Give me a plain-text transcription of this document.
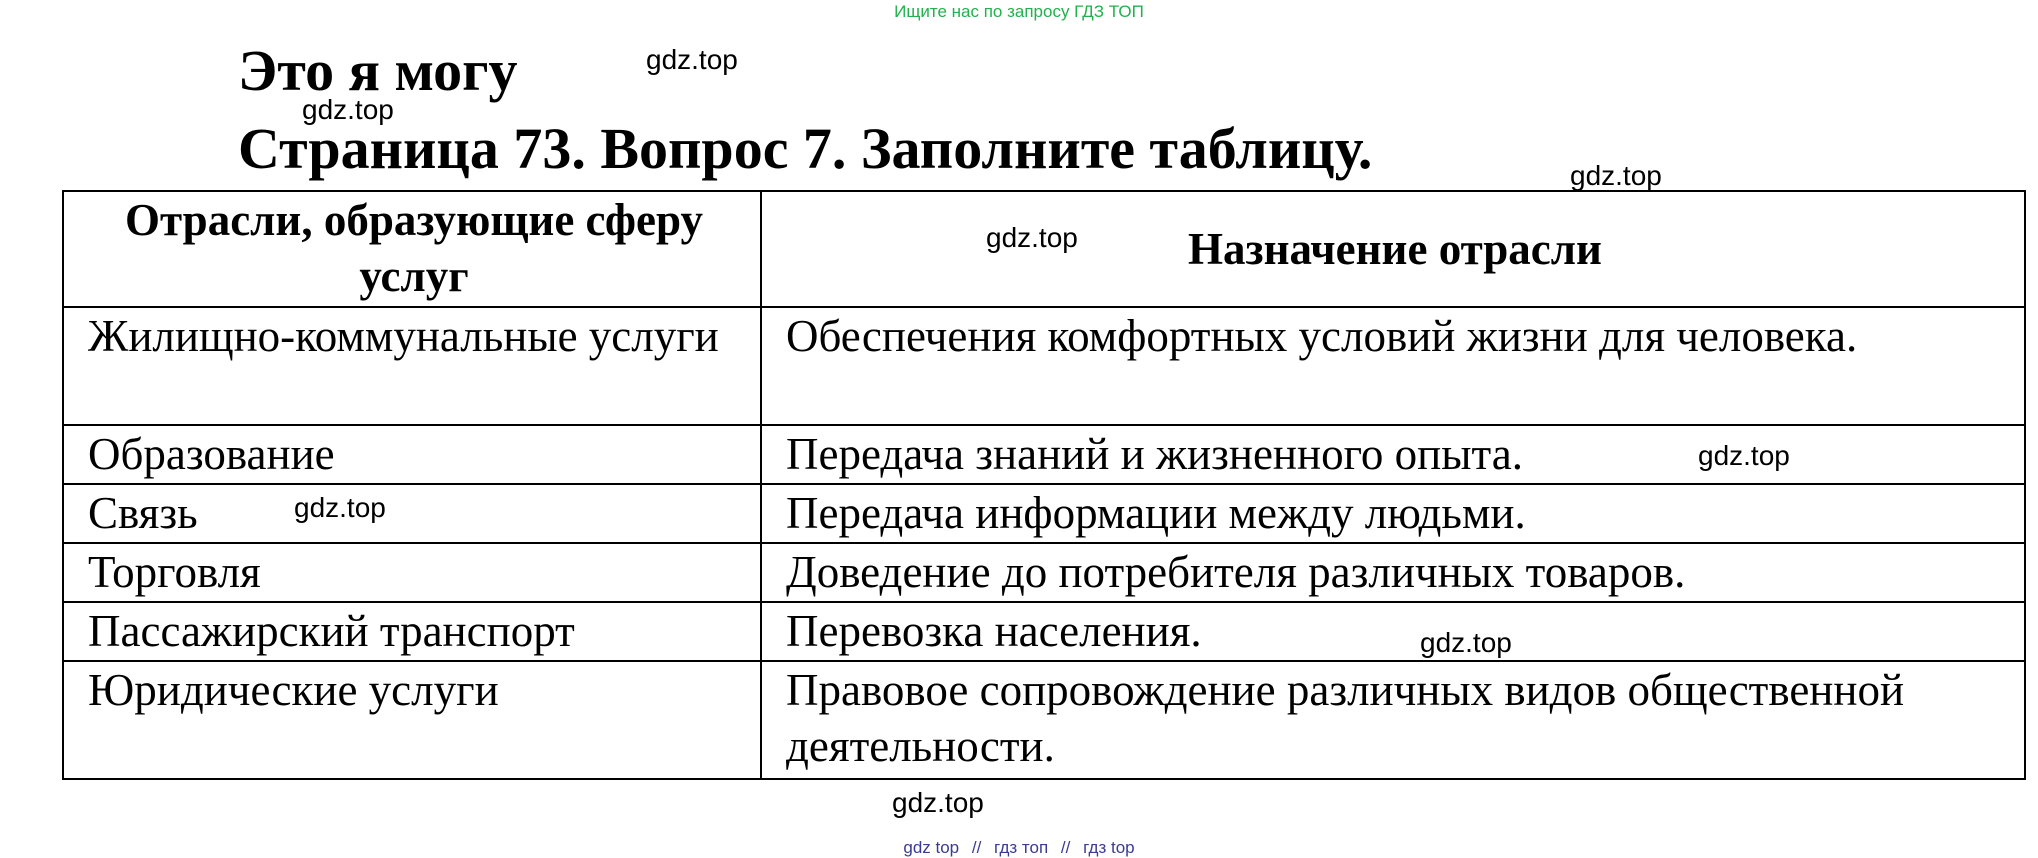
Ищите нас по запросу ГДЗ ТОП
Это я могу
Страница 73. Вопрос 7. Заполните таблицу.
Отрасли, образующие сферу услуг	Назначение отрасли
Жилищно-коммунальные услуги	Обеспечения комфортных условий жизни для человека.
Образование	Передача знаний и жизненного опыта.
Связь	Передача информации между людьми.
Торговля	Доведение до потребителя различных товаров.
Пассажирский транспорт	Перевозка населения.
Юридические услуги	Правовое сопровождение различных видов общественной деятельности.
gdz.top
gdz.top
gdz.top
gdz.top
gdz.top
gdz.top
gdz.top
gdz.top
gdz top // гдз топ // гдз top
